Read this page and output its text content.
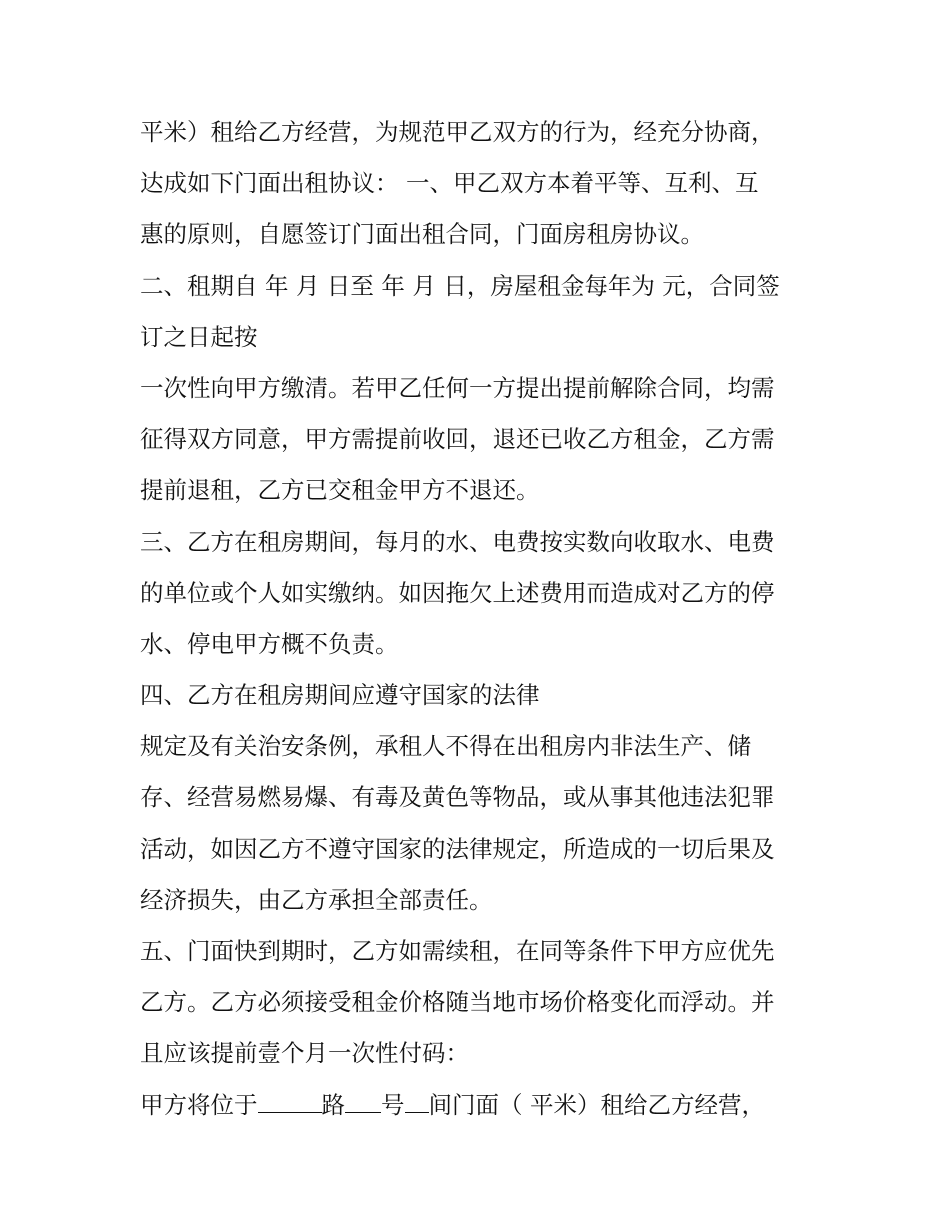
平米）租给乙方经营，为规范甲乙双方的行为，经充分协商，
达成如下门面出租协议： 一、甲乙双方本着平等、互利、互
惠的原则，自愿签订门面出租合同，门面房租房协议。
二、租期自 年 月 日至 年 月 日，房屋租金每年为 元，合同签
订之日起按
一次性向甲方缴清。若甲乙任何一方提出提前解除合同，均需
征得双方同意，甲方需提前收回，退还已收乙方租金，乙方需
提前退租，乙方已交租金甲方不退还。
三、乙方在租房期间，每月的水、电费按实数向收取水、电费
的单位或个人如实缴纳。如因拖欠上述费用而造成对乙方的停
水、停电甲方概不负责。
四、乙方在租房期间应遵守国家的法律
规定及有关治安条例，承租人不得在出租房内非法生产、储
存、经营易燃易爆、有毒及黄色等物品，或从事其他违法犯罪
活动，如因乙方不遵守国家的法律规定，所造成的一切后果及
经济损失，由乙方承担全部责任。
五、门面快到期时，乙方如需续租，在同等条件下甲方应优先
乙方。乙方必须接受租金价格随当地市场价格变化而浮动。并
且应该提前壹个月一次性付码：
甲方将位于	路 号 间门面（ 平米）租给乙方经营，
